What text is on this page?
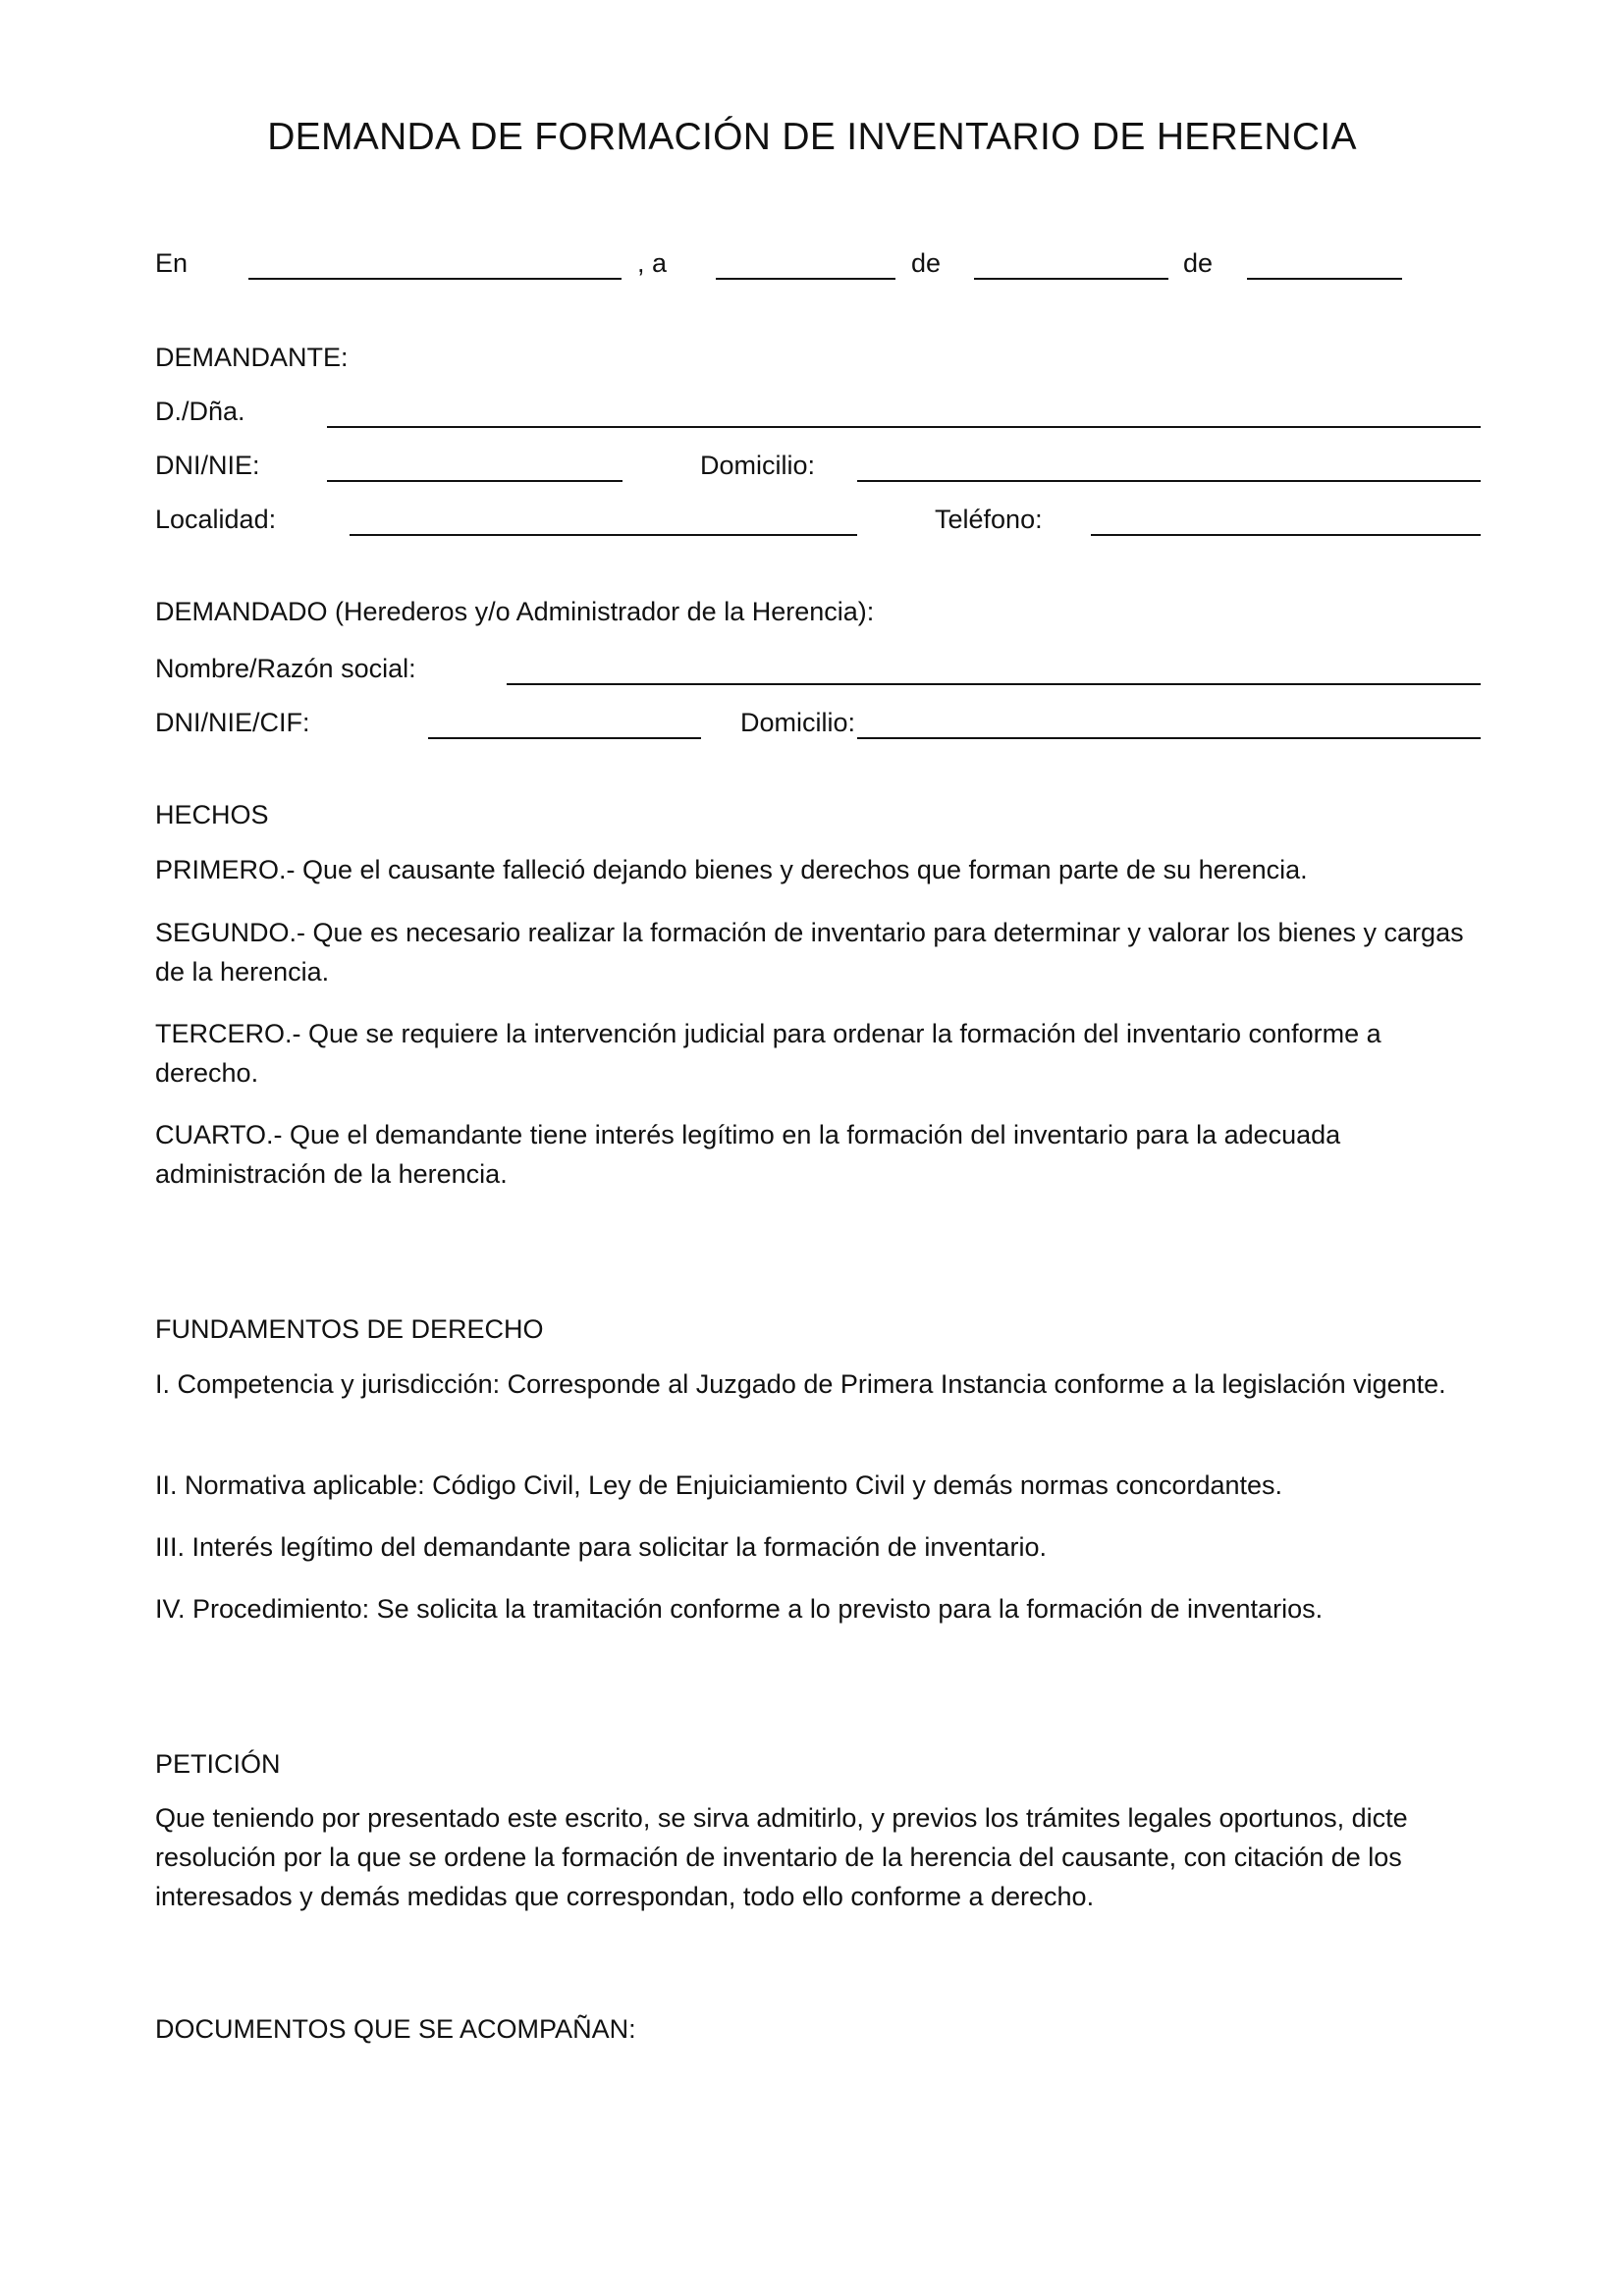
DEMANDA DE FORMACIÓN DE INVENTARIO DE HERENCIA
En	, a	de	de
DEMANDANTE:
D./Dña.
DNI/NIE:	Domicilio:
Localidad:	Teléfono:
DEMANDADO (Herederos y/o Administrador de la Herencia):
Nombre/Razón social:
DNI/NIE/CIF:	Domicilio:

HECHOS

PRIMERO.- Que el causante falleció dejando bienes y derechos que forman parte de su herencia.

SEGUNDO.- Que es necesario realizar la formación de inventario para determinar y valorar los bienes y cargas de la herencia.

TERCERO.- Que se requiere la intervención judicial para ordenar la formación del inventario conforme a derecho.

CUARTO.- Que el demandante tiene interés legítimo en la formación del inventario para la adecuada administración de la herencia.

FUNDAMENTOS DE DERECHO

I. Competencia y jurisdicción: Corresponde al Juzgado de Primera Instancia conforme a la legislación vigente.

II. Normativa aplicable: Código Civil, Ley de Enjuiciamiento Civil y demás normas concordantes.

III. Interés legítimo del demandante para solicitar la formación de inventario.

IV. Procedimiento: Se solicita la tramitación conforme a lo previsto para la formación de inventarios.

PETICIÓN

Que teniendo por presentado este escrito, se sirva admitirlo, y previos los trámites legales oportunos, dicte resolución por la que se ordene la formación de inventario de la herencia del causante, con citación de los interesados y demás medidas que correspondan, todo ello conforme a derecho.

DOCUMENTOS QUE SE ACOMPAÑAN:
